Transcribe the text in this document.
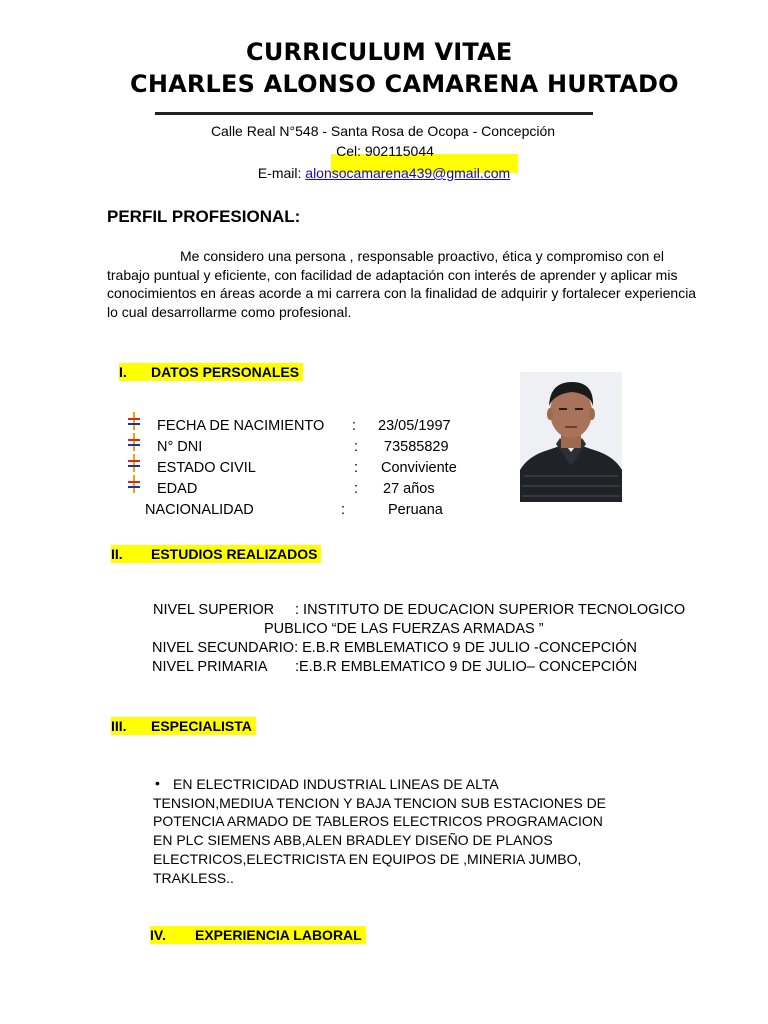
CURRICULUM VITAE
CHARLES ALONSO CAMARENA HURTADO
Calle Real N°548 - Santa Rosa de Ocopa - Concepción
Cel: 902115044
E-mail: alonsocamarena439@gmail.com
PERFIL PROFESIONAL:
Me considero una persona , responsable proactivo, ética y compromiso con el
trabajo puntual y eficiente, con facilidad de adaptación con interés de aprender y aplicar mis
conocimientos en áreas acorde a mi carrera con la finalidad de adquirir y fortalecer experiencia
lo cual desarrollarme como profesional.
I. DATOS PERSONALES
FECHA DE NACIMIENTO : 23/05/1997
N° DNI	: 73585829
ESTADO CIVIL	: Conviviente
EDAD	: 27 años
NACIONALIDAD	:	Peruana
II. ESTUDIOS REALIZADOS
NIVEL SUPERIOR : INSTITUTO DE EDUCACION SUPERIOR TECNOLOGICO
PUBLICO “DE LAS FUERZAS ARMADAS ”
NIVEL SECUNDARIO: E.B.R EMBLEMATICO 9 DE JULIO -CONCEPCIÓN
NIVEL PRIMARIA :E.B.R EMBLEMATICO 9 DE JULIO– CONCEPCIÓN
III. ESPECIALISTA
• EN ELECTRICIDAD INDUSTRIAL LINEAS DE ALTA
TENSION,MEDIUA TENCION Y BAJA TENCION SUB ESTACIONES DE
POTENCIA ARMADO DE TABLEROS ELECTRICOS PROGRAMACION
EN PLC SIEMENS ABB,ALEN BRADLEY DISEÑO DE PLANOS
ELECTRICOS,ELECTRICISTA EN EQUIPOS DE ,MINERIA JUMBO,
TRAKLESS..
IV. EXPERIENCIA LABORAL
